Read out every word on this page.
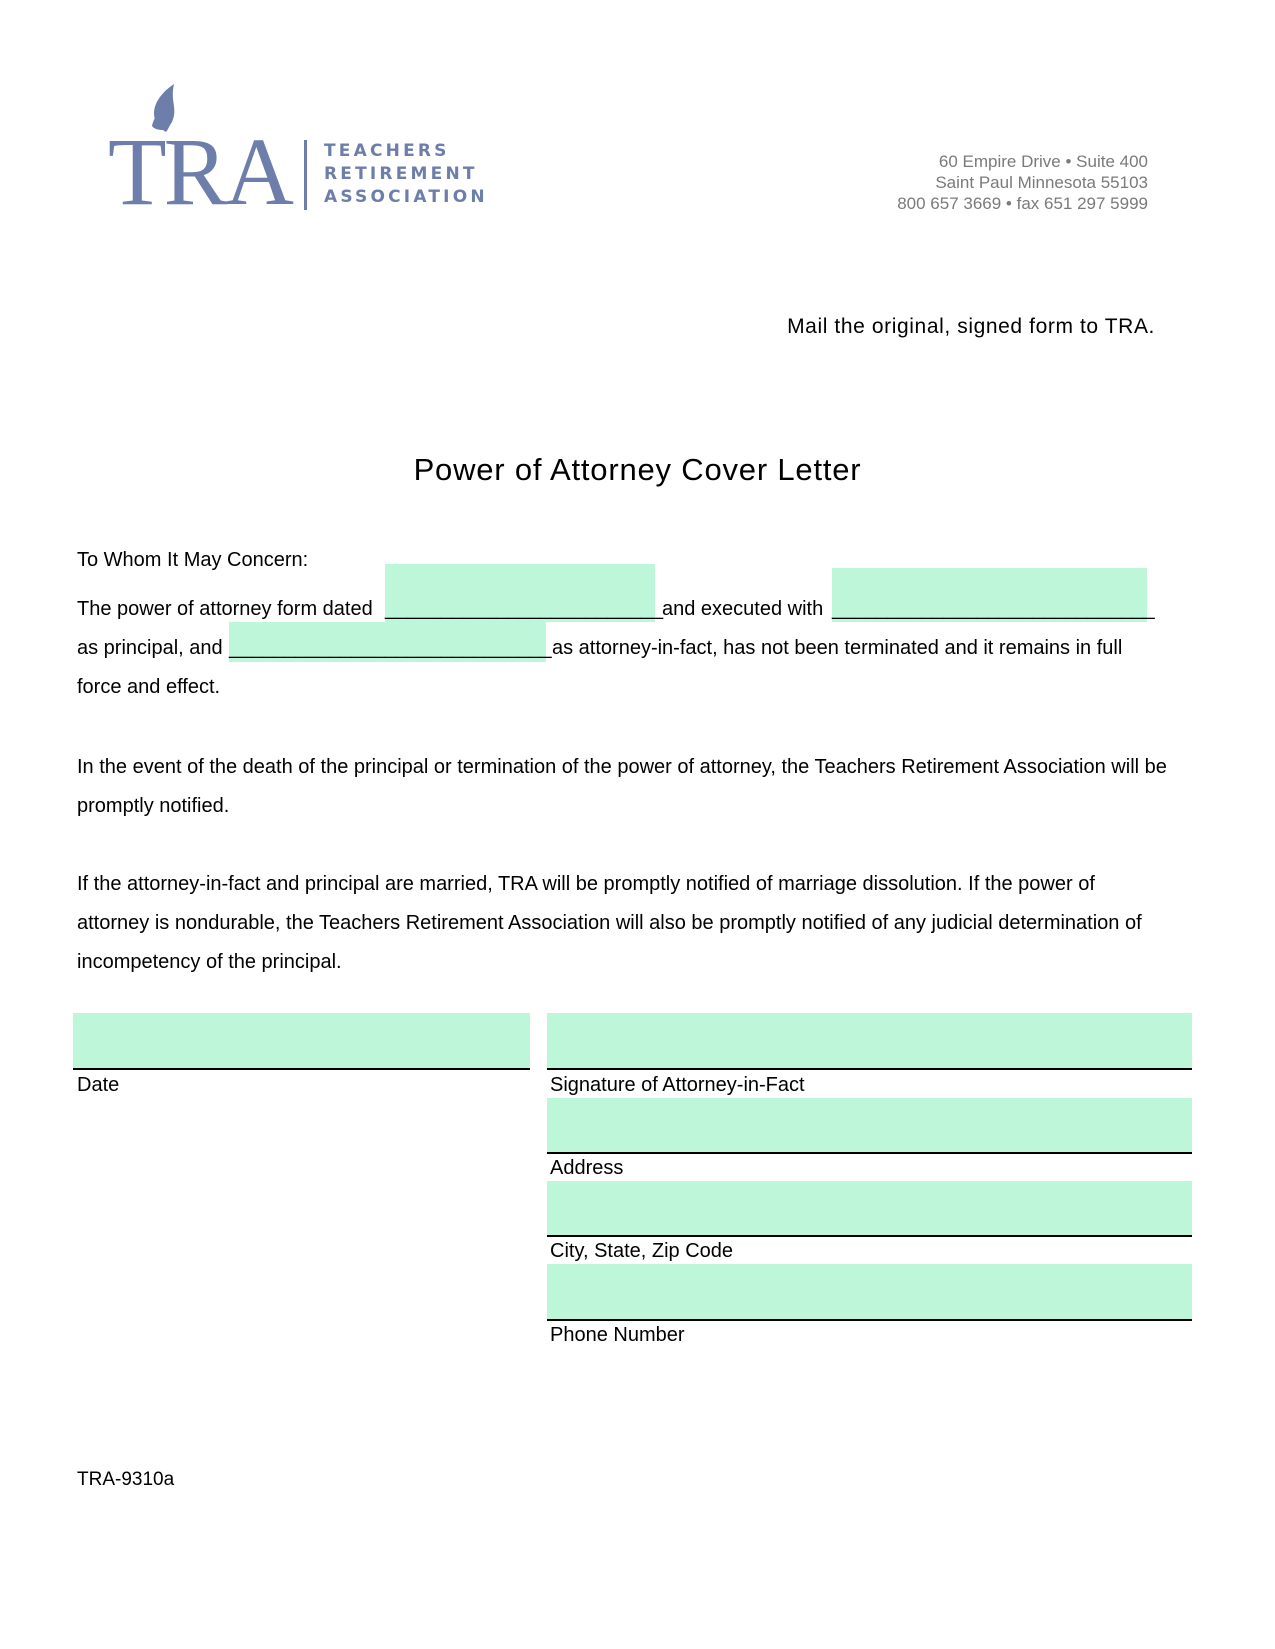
TRA TEACHERS
RETIREMENT
ASSOCIATION
60 Empire Drive • Suite 400
Saint Paul Minnesota 55103
800 657 3669 • fax 651 297 5999
Mail the original, signed form to TRA.
Power of Attorney Cover Letter
To Whom It May Concern:
The power of attorney form dated _________________________
and executed with _____________________________
as principal, and _____________________________ as attorney-in-fact, has not been terminated and it remains in full
force and effect.
In the event of the death of the principal or termination of the power of attorney, the Teachers Retirement Association will be promptly notified.
If the attorney-in-fact and principal are married, TRA will be promptly notified of marriage dissolution. If the power of attorney is nondurable, the Teachers Retirement Association will also be promptly notified of any judicial determination of incompetency of the principal.
Date	Signature of Attorney-in-Fact
Address
City, State, Zip Code
Phone Number
TRA-9310a
